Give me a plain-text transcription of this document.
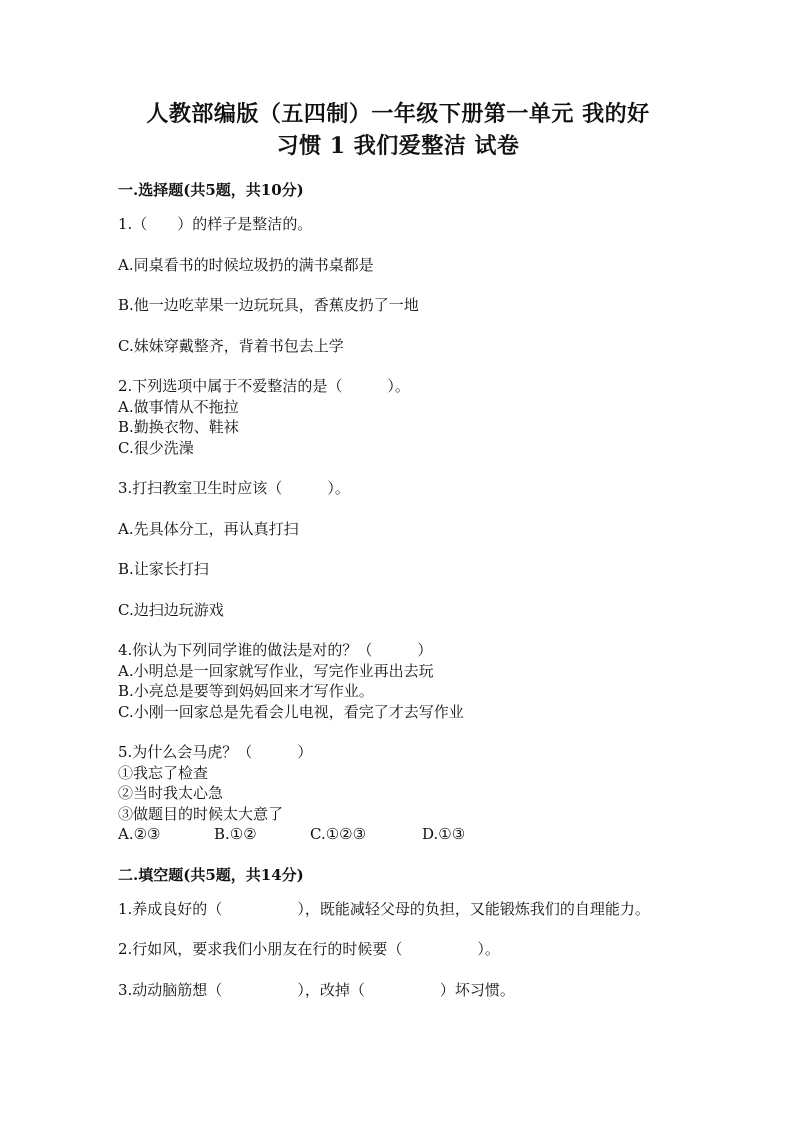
人教部编版（五四制）一年级下册第一单元 我的好
习惯 1 我们爱整洁 试卷
一.选择题(共5题，共10分)
1.（　　）的样子是整洁的。
A.同桌看书的时候垃圾扔的满书桌都是
B.他一边吃苹果一边玩玩具，香蕉皮扔了一地
C.妹妹穿戴整齐，背着书包去上学
2.下列选项中属于不爱整洁的是（　　　）。
A.做事情从不拖拉
B.勤换衣物、鞋袜
C.很少洗澡
3.打扫教室卫生时应该（　　　）。
A.先具体分工，再认真打扫
B.让家长打扫
C.边扫边玩游戏
4.你认为下列同学谁的做法是对的？（　　　）
A.小明总是一回家就写作业，写完作业再出去玩
B.小亮总是要等到妈妈回来才写作业。
C.小刚一回家总是先看会儿电视，看完了才去写作业
5.为什么会马虎？（　　　）
①我忘了检查
②当时我太心急
③做题目的时候太大意了
A.②③	B.①②	C.①②③	D.①③
二.填空题(共5题，共14分)
1.养成良好的（　　　　　），既能减轻父母的负担，又能锻炼我们的自理能力。
2.行如风，要求我们小朋友在行的时候要（　　　　　）。
3.动动脑筋想（　　　　　），改掉（　　　　　）坏习惯。
